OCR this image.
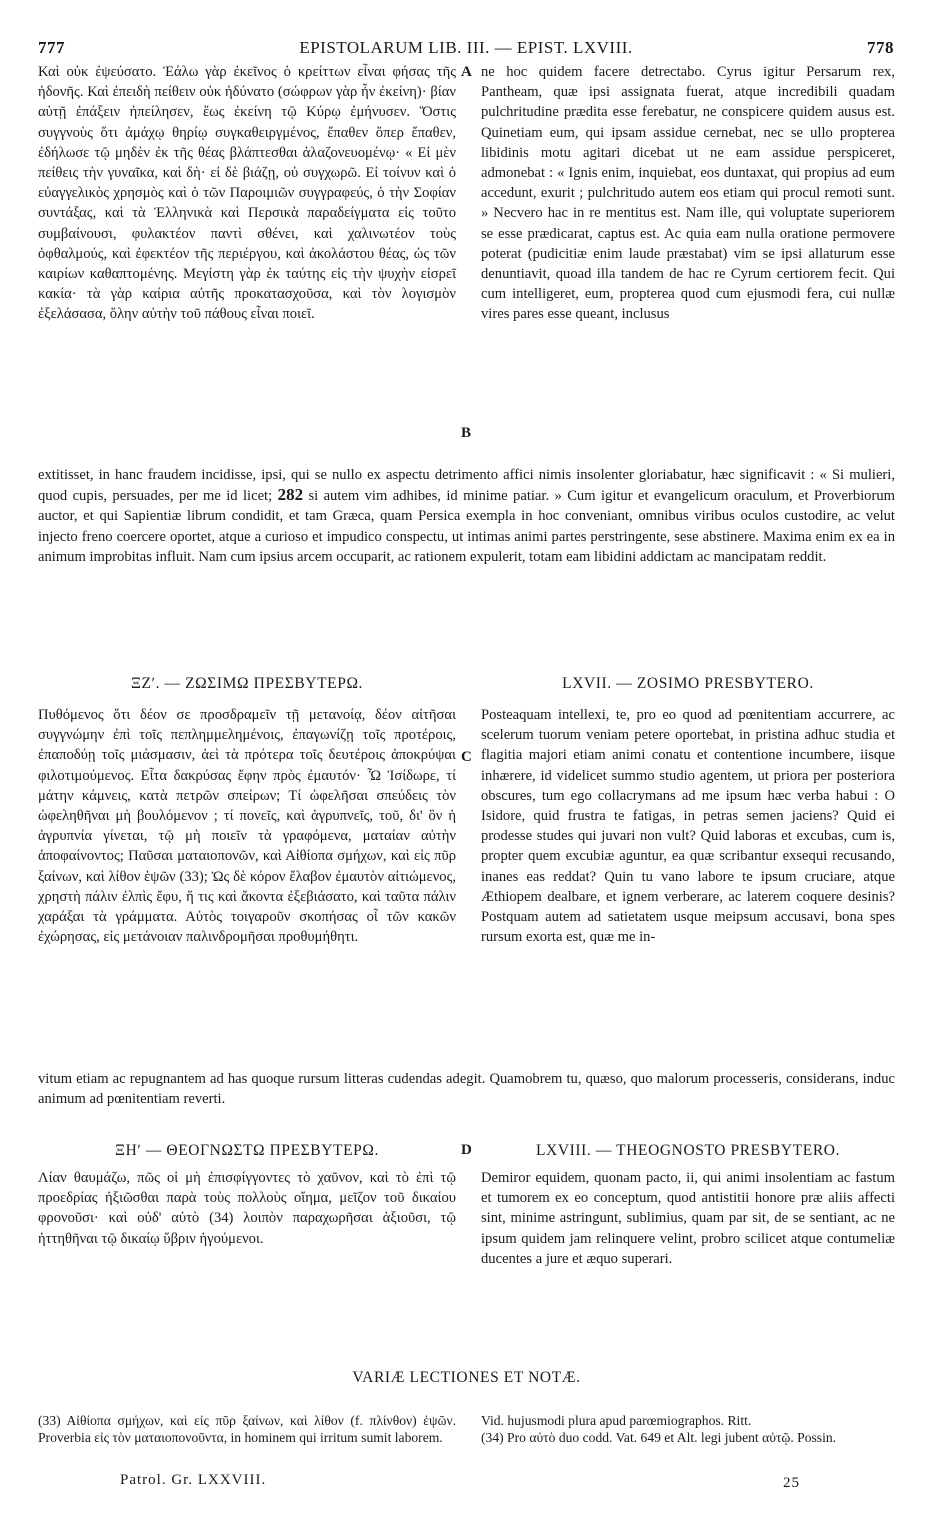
777	EPISTOLARUM LIB. III. — EPIST. LXVIII.	778

Καὶ οὐκ ἐψεύσατο. Ἑάλω γὰρ ἐκεῖνος ὁ κρείττων εἶναι φήσας τῆς ἡδονῆς. Καὶ ἐπειδὴ πείθειν οὐκ ἠδύνατο (σώφρων γὰρ ἦν ἐκείνη)· βίαν αὐτῇ ἐπάξειν ἠπείλησεν, ἕως ἐκείνη τῷ Κύρῳ ἐμήνυσεν. Ὅστις συγγνοὺς ὅτι ἀμάχῳ θηρίῳ συγκαθειργμένος, ἔπαθεν ὅπερ ἔπαθεν, ἐδήλωσε τῷ μηδὲν ἐκ τῆς θέας βλάπτεσθαι ἀλαζονευομένῳ· « Εἰ μὲν πείθεις τὴν γυναῖκα, καὶ δὴ· εἰ δὲ βιάζῃ, οὐ συγχωρῶ. Εἰ τοίνυν καὶ ὁ εὐαγγελικὸς χρησμὸς καὶ ὁ τῶν Παροιμιῶν συγγραφεύς, ὁ τὴν Σοφίαν συντάξας, καὶ τὰ Ἑλληνικὰ καὶ Περσικὰ παραδείγματα εἰς τοῦτο συμβαίνουσι, φυλακτέον παντὶ σθένει, καὶ χαλινωτέον τοὺς ὀφθαλμούς, καὶ ἐφεκτέον τῆς περιέργου, καὶ ἀκολάστου θέας, ὡς τῶν καιρίων καθαπτομένης. Μεγίστη γὰρ ἐκ ταύτης εἰς τὴν ψυχὴν εἰσρεῖ κακία· τὰ γὰρ καίρια αὐτῆς προκατασχοῦσα, καὶ τὸν λογισμὸν ἐξελάσασα, ὅλην αὐτὴν τοῦ πάθους εἶναι ποιεῖ.

A
B

ne hoc quidem facere detrectabo. Cyrus igitur Persarum rex, Pantheam, quæ ipsi assignata fuerat, atque incredibili quadam pulchritudine prædita esse ferebatur, ne conspicere quidem ausus est. Quinetiam eum, qui ipsam assidue cernebat, nec se ullo propterea libidinis motu agitari dicebat ut ne eam assidue perspiceret, admonebat : « Ignis enim, inquiebat, eos duntaxat, qui propius ad eum accedunt, exurit ; pulchritudo autem eos etiam qui procul remoti sunt. » Necvero hac in re mentitus est. Nam ille, qui voluptate superiorem se esse prædicarat, captus est. Ac quia eam nulla oratione permovere poterat (pudicitiæ enim laude præstabat) vim se ipsi allaturum esse denuntiavit, quoad illa tandem de hac re Cyrum certiorem fecit. Qui cum intelligeret, eum, propterea quod cum ejusmodi fera, cui nullæ vires pares esse queant, inclusus

extitisset, in hanc fraudem incidisse, ipsi, qui se nullo ex aspectu detrimento affici nimis insolenter gloriabatur, hæc significavit : « Si mulieri, quod cupis, persuades, per me id licet; 282 si autem vim adhibes, id minime patiar. » Cum igitur et evangelicum oraculum, et Proverbiorum auctor, et qui Sapientiæ librum condidit, et tam Græca, quam Persica exempla in hoc conveniant, omnibus viribus oculos custodire, ac velut injecto freno coercere oportet, atque a curioso et impudico conspectu, ut intimas animi partes perstringente, sese abstinere. Maxima enim ex ea in animum improbitas influit. Nam cum ipsius arcem occuparit, ac rationem expulerit, totam eam libidini addictam ac mancipatam reddit.

ΞΖʹ. — ΖΩΣΙΜΩ ΠΡΕΣΒΥΤΕΡΩ.	LXVII. — ZOSIMO PRESBYTERO.

Πυθόμενος ὅτι δέον σε προσδραμεῖν τῇ μετανοίᾳ, δέον αἰτῆσαι συγγνώμην ἐπὶ τοῖς πεπλημμελημένοις, ἐπαγωνίζῃ τοῖς προτέροις, ἐπαποδύῃ τοῖς μιάσμασιν, ἀεὶ τὰ πρότερα τοῖς δευτέροις ἀποκρύψαι φιλοτιμούμενος. Εἶτα δακρύσας ἔφην πρὸς ἐμαυτόν· Ὦ Ἰσίδωρε, τί μάτην κάμνεις, κατὰ πετρῶν σπείρων; Τί ὠφελῆσαι σπεύδεις τὸν ὠφεληθῆναι μὴ βουλόμενον ; τί πονεῖς, καὶ ἀγρυπνεῖς, τοῦ, δι' ὃν ἡ ἀγρυπνία γίνεται, τῷ μὴ ποιεῖν τὰ γραφόμενα, ματαίαν αὐτὴν ἀποφαίνοντος; Παῦσαι ματαιοπονῶν, καὶ Αἰθίοπα σμήχων, καὶ εἰς πῦρ ξαίνων, καὶ λίθον ἑψῶν (33); Ὡς δὲ κόρον ἔλαβον ἐμαυτὸν αἰτιώμενος, χρηστὴ πάλιν ἐλπὶς ἔφυ, ἥ τις καὶ ἄκοντα ἐξεβιάσατο, καὶ ταῦτα πάλιν χαράξαι τὰ γράμματα. Αὐτὸς τοιγαροῦν σκοπήσας οἷ τῶν κακῶν ἐχώρησας, εἰς μετάνοιαν παλινδρομῆσαι προθυμήθητι.

C

Posteaquam intellexi, te, pro eo quod ad pœnitentiam accurrere, ac scelerum tuorum veniam petere oportebat, in pristina adhuc studia et flagitia majori etiam animi conatu et contentione incumbere, iisque inhærere, id videlicet summo studio agentem, ut priora per posteriora obscures, tum ego collacrymans ad me ipsum hæc verba habui : O Isidore, quid frustra te fatigas, in petras semen jaciens? Quid ei prodesse studes qui juvari non vult? Quid laboras et excubas, cum is, propter quem excubiæ aguntur, ea quæ scribantur exsequi recusando, inanes eas reddat? Quin tu vano labore te ipsum cruciare, atque Æthiopem dealbare, et ignem verberare, ac laterem coquere desinis? Postquam autem ad satietatem usque meipsum accusavi, bona spes rursum exorta est, quæ me in-

vitum etiam ac repugnantem ad has quoque rursum litteras cudendas adegit. Quamobrem tu, quæso, quo malorum processeris, considerans, induc animum ad pœnitentiam reverti.

ΞΗʹ — ΘΕΟΓΝΩΣΤΩ ΠΡΕΣΒΥΤΕΡΩ.	D	LXVIII. — THEOGNOSTO PRESBYTERO.

Λίαν θαυμάζω, πῶς οἱ μὴ ἐπισφίγγοντες τὸ χαῦνον, καὶ τὸ ἐπὶ τῷ προεδρίας ἠξιῶσθαι παρὰ τοὺς πολλοὺς οἴημα, μεῖζον τοῦ δικαίου φρονοῦσι· καὶ οὐδ' αὐτὸ (34) λοιπὸν παραχωρῆσαι ἀξιοῦσι, τῷ ἡττηθῆναι τῷ δικαίῳ ὕβριν ἡγούμενοι.

Demiror equidem, quonam pacto, ii, qui animi insolentiam ac fastum et tumorem ex eo conceptum, quod antistitii honore præ aliis affecti sint, minime astringunt, sublimius, quam par sit, de se sentiant, ac ne ipsum quidem jam relinquere velint, probro scilicet atque contumeliæ ducentes a jure et æquo superari.

VARIÆ LECTIONES ET NOTÆ.

(33) Αἰθίοπα σμήχων, καὶ εἰς πῦρ ξαίνων, καὶ λίθον (f. πλίνθον) ἑψῶν. Proverbia εἰς τὸν ματαιοπονοῦντα, in hominem qui irritum sumit laborem.

Vid. hujusmodi plura apud parœmiographos. Ritt.

(34) Pro αὐτὸ duo codd. Vat. 649 et Alt. legi jubent αὐτῷ. Possin.

Patrol. Gr. LXXVIII.	25
